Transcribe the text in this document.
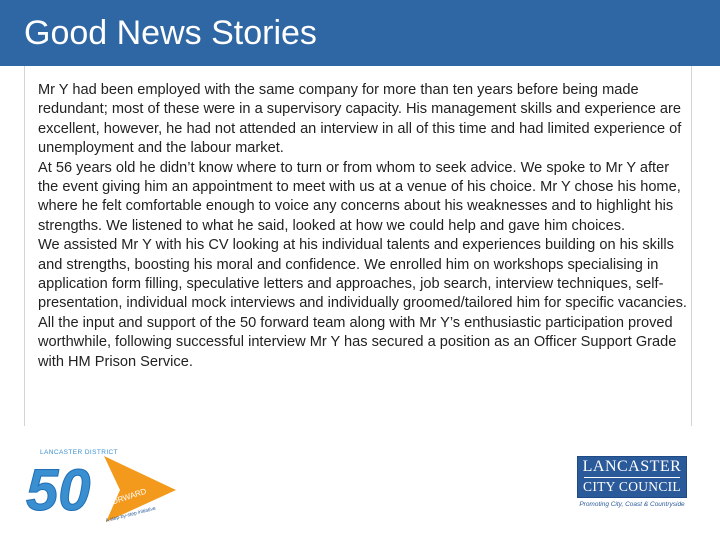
Good News Stories

Mr Y had been employed with the same company for more than ten years before being made redundant; most of these were in a supervisory capacity. His management skills and experience are excellent, however, he had not attended an interview in all of this time and had limited experience of unemployment and the labour market.

At 56 years old he didn’t know where to turn or from whom to seek advice. We spoke to Mr Y after the event giving him an appointment to meet with us at a venue of his choice. Mr Y chose his home, where he felt comfortable enough to voice any concerns about his weaknesses and to highlight his strengths. We listened to what he said, looked at how we could help and gave him choices.

We assisted Mr Y with his CV looking at his individual talents and experiences building on his skills and strengths, boosting his moral and confidence. We enrolled him on workshops specialising in application form filling, speculative letters and approaches, job search, interview techniques, self-presentation, individual mock interviews and individually groomed/tailored him for specific vacancies.

All the input and support of the 50 forward team along with Mr Y’s enthusiastic participation proved worthwhile, following successful interview Mr Y has secured a position as an Officer Support Grade with HM Prison Service.

LANCASTER DISTRICT
50 FORWARD
A step-by-step initiative
LANCASTER
CITY COUNCIL
Promoting City, Coast & Countryside
